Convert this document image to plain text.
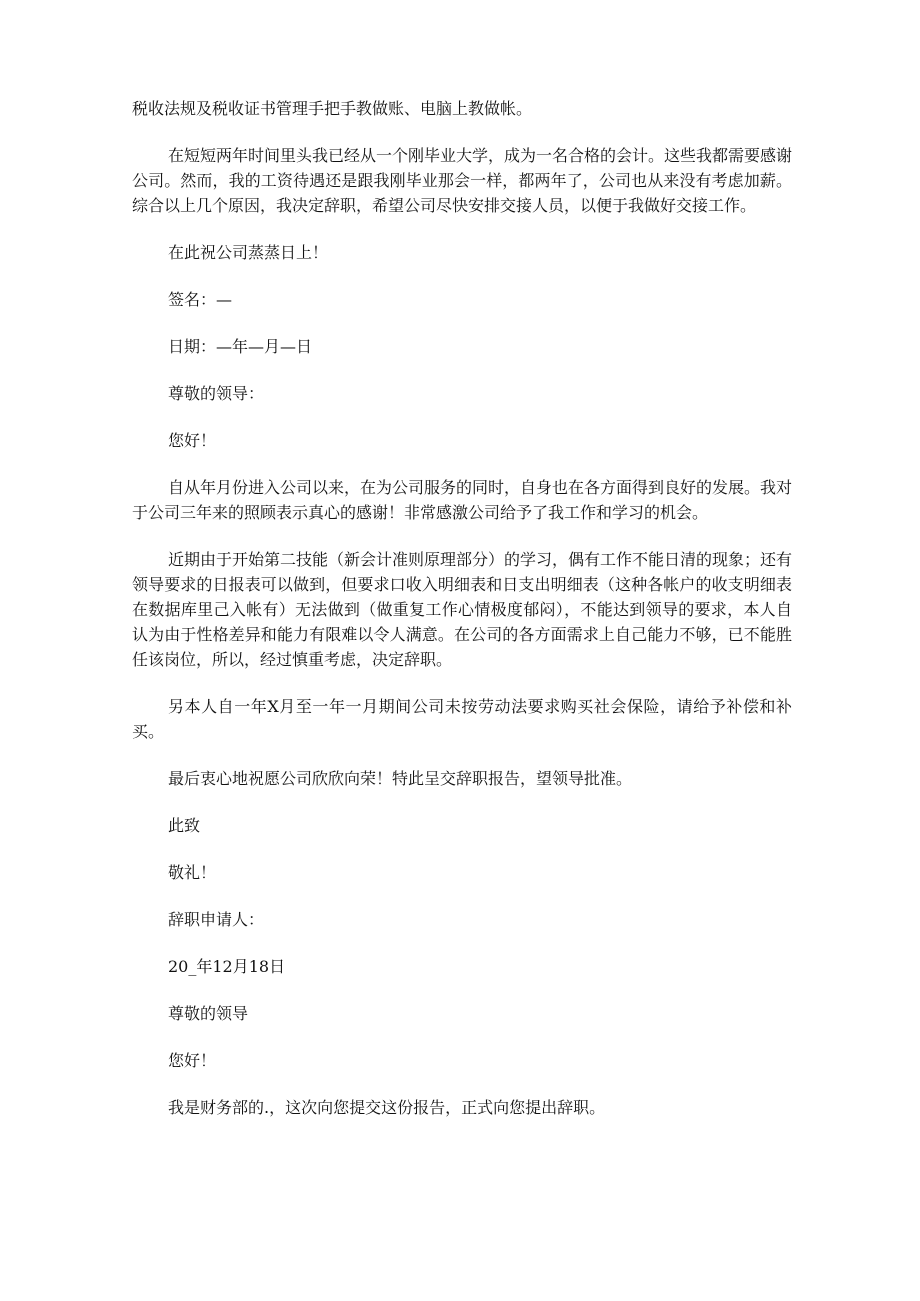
税收法规及税收证书管理手把手教做账、电脑上教做帐。

在短短两年时间里头我已经从一个刚毕业大学，成为一名合格的会计。这些我都需要感谢公司。然而，我的工资待遇还是跟我刚毕业那会一样，都两年了，公司也从来没有考虑加薪。综合以上几个原因，我决定辞职，希望公司尽快安排交接人员，以便于我做好交接工作。

在此祝公司蒸蒸日上！

签名：—

日期：—年—月—日

尊敬的领导：

您好！

自从年月份进入公司以来，在为公司服务的同时，自身也在各方面得到良好的发展。我对于公司三年来的照顾表示真心的感谢！非常感激公司给予了我工作和学习的机会。

近期由于开始第二技能（新会计准则原理部分）的学习，偶有工作不能日清的现象；还有领导要求的日报表可以做到，但要求口收入明细表和日支出明细表（这种各帐户的收支明细表在数据库里己入帐有）无法做到（做重复工作心情极度郁闷），不能达到领导的要求，本人自认为由于性格差异和能力有限难以令人满意。在公司的各方面需求上自己能力不够，已不能胜任该岗位，所以，经过慎重考虑，决定辞职。

另本人自一年X月至一年一月期间公司未按劳动法要求购买社会保险，请给予补偿和补买。

最后衷心地祝愿公司欣欣向荣！特此呈交辞职报告，望领导批准。

此致

敬礼！

辞职申请人：

20_年12月18日

尊敬的领导

您好！

我是财务部的.，这次向您提交这份报告，正式向您提出辞职。
